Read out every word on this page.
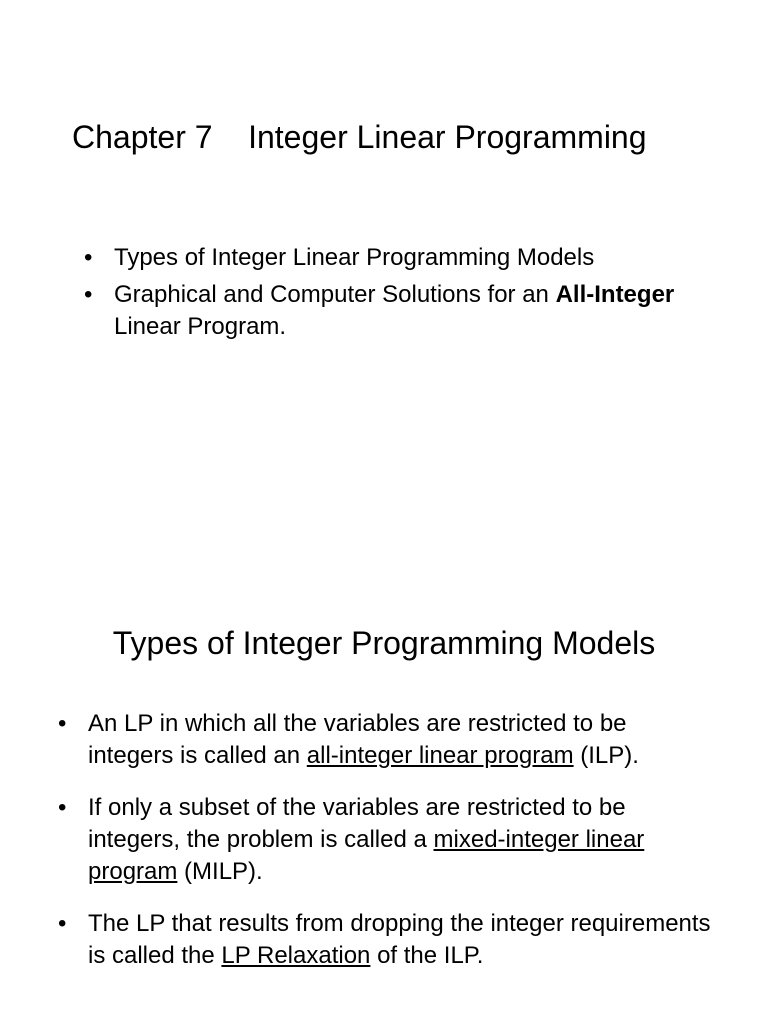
Chapter 7    Integer Linear Programming
• Types of Integer Linear Programming Models
• Graphical and Computer Solutions for an All-Integer Linear Program.
Types of Integer Programming Models
• An LP in which all the variables are restricted to be integers is called an all-integer linear program (ILP).
• If only a subset of the variables are restricted to be integers, the problem is called a mixed-integer linear program (MILP).
• The LP that results from dropping the integer requirements is called the LP Relaxation of the ILP.
